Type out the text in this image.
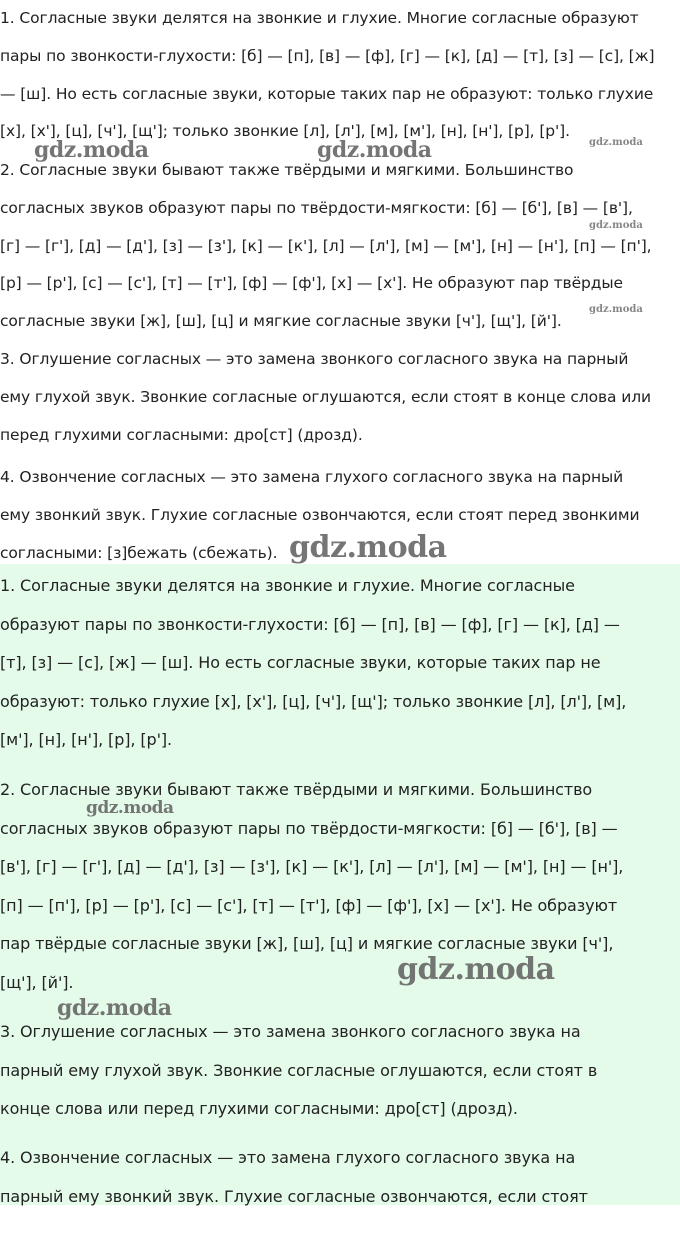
1. Согласные звуки делятся на звонкие и глухие. Многие согласные образуют
пары по звонкости-глухости: [б] — [п], [в] — [ф], [г] — [к], [д] — [т], [з] — [с], [ж]
— [ш]. Но есть согласные звуки, которые таких пар не образуют: только глухие
[х], [х'], [ц], [ч'], [щ']; только звонкие [л], [л'], [м], [м'], [н], [н'], [р], [р'].

2. Согласные звуки бывают также твёрдыми и мягкими. Большинство
согласных звуков образуют пары по твёрдости-мягкости: [б] — [б'], [в] — [в'],
[г] — [г'], [д] — [д'], [з] — [з'], [к] — [к'], [л] — [л'], [м] — [м'], [н] — [н'], [п] — [п'],
[р] — [р'], [с] — [с'], [т] — [т'], [ф] — [ф'], [х] — [х']. Не образуют пар твёрдые
согласные звуки [ж], [ш], [ц] и мягкие согласные звуки [ч'], [щ'], [й'].

3. Оглушение согласных — это замена звонкого согласного звука на парный
ему глухой звук. Звонкие согласные оглушаются, если стоят в конце слова или
перед глухими согласными: дро[ст] (дрозд).

4. Озвончение согласных — это замена глухого согласного звука на парный
ему звонкий звук. Глухие согласные озвончаются, если стоят перед звонкими
согласными: [з]бежать (сбежать).

1. Согласные звуки делятся на звонкие и глухие. Многие согласные
образуют пары по звонкости-глухости: [б] — [п], [в] — [ф], [г] — [к], [д] —
[т], [з] — [с], [ж] — [ш]. Но есть согласные звуки, которые таких пар не
образуют: только глухие [х], [х'], [ц], [ч'], [щ']; только звонкие [л], [л'], [м],
[м'], [н], [н'], [р], [р'].

2. Согласные звуки бывают также твёрдыми и мягкими. Большинство
согласных звуков образуют пары по твёрдости-мягкости: [б] — [б'], [в] —
[в'], [г] — [г'], [д] — [д'], [з] — [з'], [к] — [к'], [л] — [л'], [м] — [м'], [н] — [н'],
[п] — [п'], [р] — [р'], [с] — [с'], [т] — [т'], [ф] — [ф'], [х] — [х']. Не образуют
пар твёрдые согласные звуки [ж], [ш], [ц] и мягкие согласные звуки [ч'],
[щ'], [й'].

3. Оглушение согласных — это замена звонкого согласного звука на
парный ему глухой звук. Звонкие согласные оглушаются, если стоят в
конце слова или перед глухими согласными: дро[ст] (дрозд).

4. Озвончение согласных — это замена глухого согласного звука на
парный ему звонкий звук. Глухие согласные озвончаются, если стоят

gdz.moda	gdz.moda	gdz.moda
gdz.moda
gdz.moda
gdz.moda
gdz.moda
gdz.moda
gdz.moda
